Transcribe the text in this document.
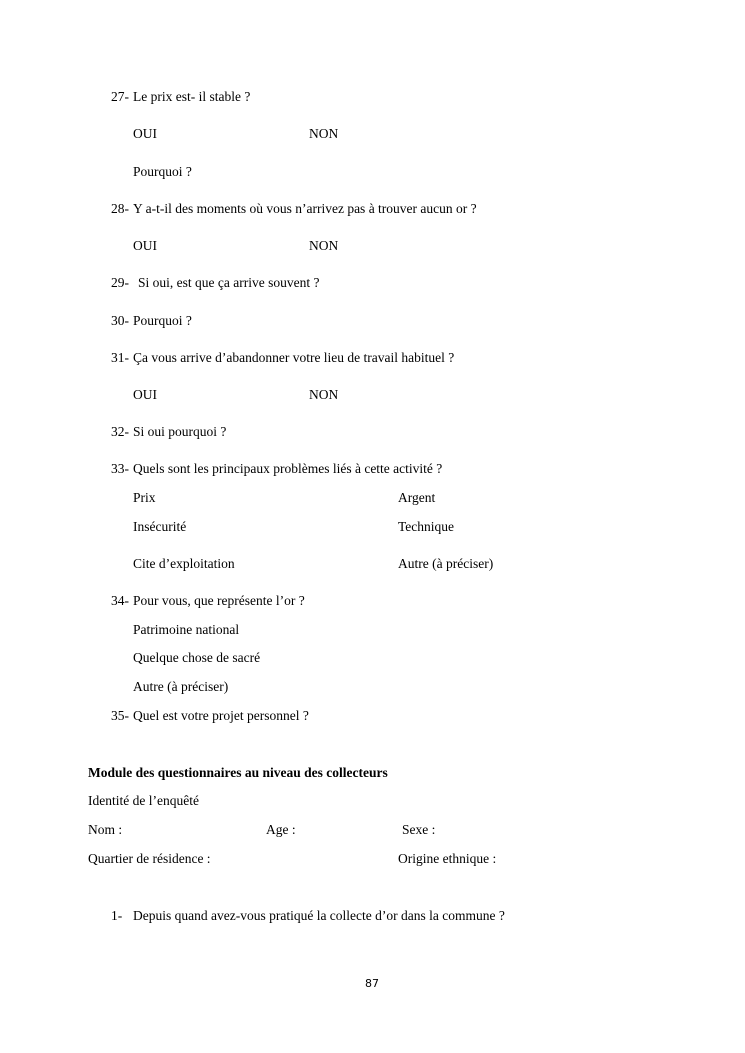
27- Le prix est- il stable ?
OUI	NON
Pourquoi ?
28- Y a-t-il des moments où vous n’arrivez pas à trouver aucun or ?
OUI	NON
29- Si oui, est que ça arrive souvent ?
30- Pourquoi ?
31- Ça vous arrive d’abandonner votre lieu de travail habituel ?
OUI	NON
32- Si oui pourquoi ?
33- Quels sont les principaux problèmes liés à cette activité ?
Prix	Argent
Insécurité	Technique
Cite d’exploitation	Autre (à préciser)
34- Pour vous, que représente l’or ?
Patrimoine national
Quelque chose de sacré
Autre (à préciser)
35- Quel est votre projet personnel ?
Module des questionnaires au niveau des collecteurs
Identité de l’enquêté
Nom :	Age :	Sexe :
Quartier de résidence :	Origine ethnique :
1- Depuis quand avez-vous pratiqué la collecte d’or dans la commune ?
87
